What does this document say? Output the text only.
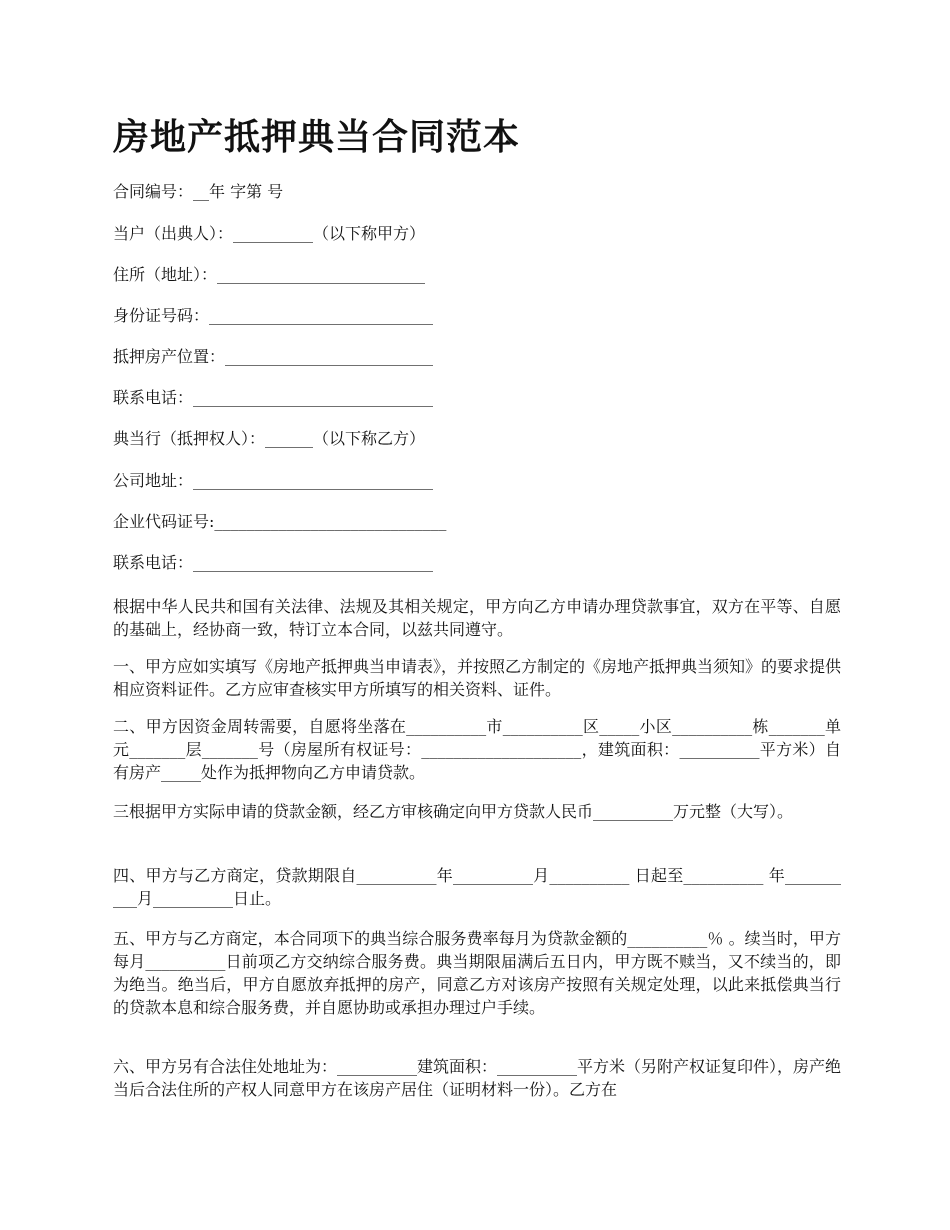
房地产抵押典当合同范本
合同编号：__年 字第 号
当户（出典人）：__________（以下称甲方）
住所（地址）：__________________________
身份证号码：____________________________
抵押房产位置：__________________________
联系电话：______________________________
典当行（抵押权人）：______（以下称乙方）
公司地址：______________________________
企业代码证号:_____________________________
联系电话：______________________________
根据中华人民共和国有关法律、法规及其相关规定，甲方向乙方申请办理贷款事宜，双方在平等、自愿的基础上，经协商一致，特订立本合同，以兹共同遵守。
一、甲方应如实填写《房地产抵押典当申请表》，并按照乙方制定的《房地产抵押典当须知》的要求提供相应资料证件。乙方应审查核实甲方所填写的相关资料、证件。
二、甲方因资金周转需要，自愿将坐落在__________市__________区_____小区__________栋_______单元_______层_______号（房屋所有权证号：____________________，建筑面积：__________平方米）自有房产_____处作为抵押物向乙方申请贷款。
三根据甲方实际申请的贷款金额，经乙方审核确定向甲方贷款人民币__________万元整（大写）。
四、甲方与乙方商定，贷款期限自__________年__________月__________ 日起至__________ 年__________月__________日止。
五、甲方与乙方商定，本合同项下的典当综合服务费率每月为贷款金额的__________％ 。续当时，甲方每月__________日前项乙方交纳综合服务费。典当期限届满后五日内，甲方既不赎当，又不续当的，即为绝当。绝当后，甲方自愿放弃抵押的房产，同意乙方对该房产按照有关规定处理，以此来抵偿典当行的贷款本息和综合服务费，并自愿协助或承担办理过户手续。
六、甲方另有合法住处地址为：__________建筑面积：__________平方米（另附产权证复印件），房产绝当后合法住所的产权人同意甲方在该房产居住（证明材料一份）。乙方在
